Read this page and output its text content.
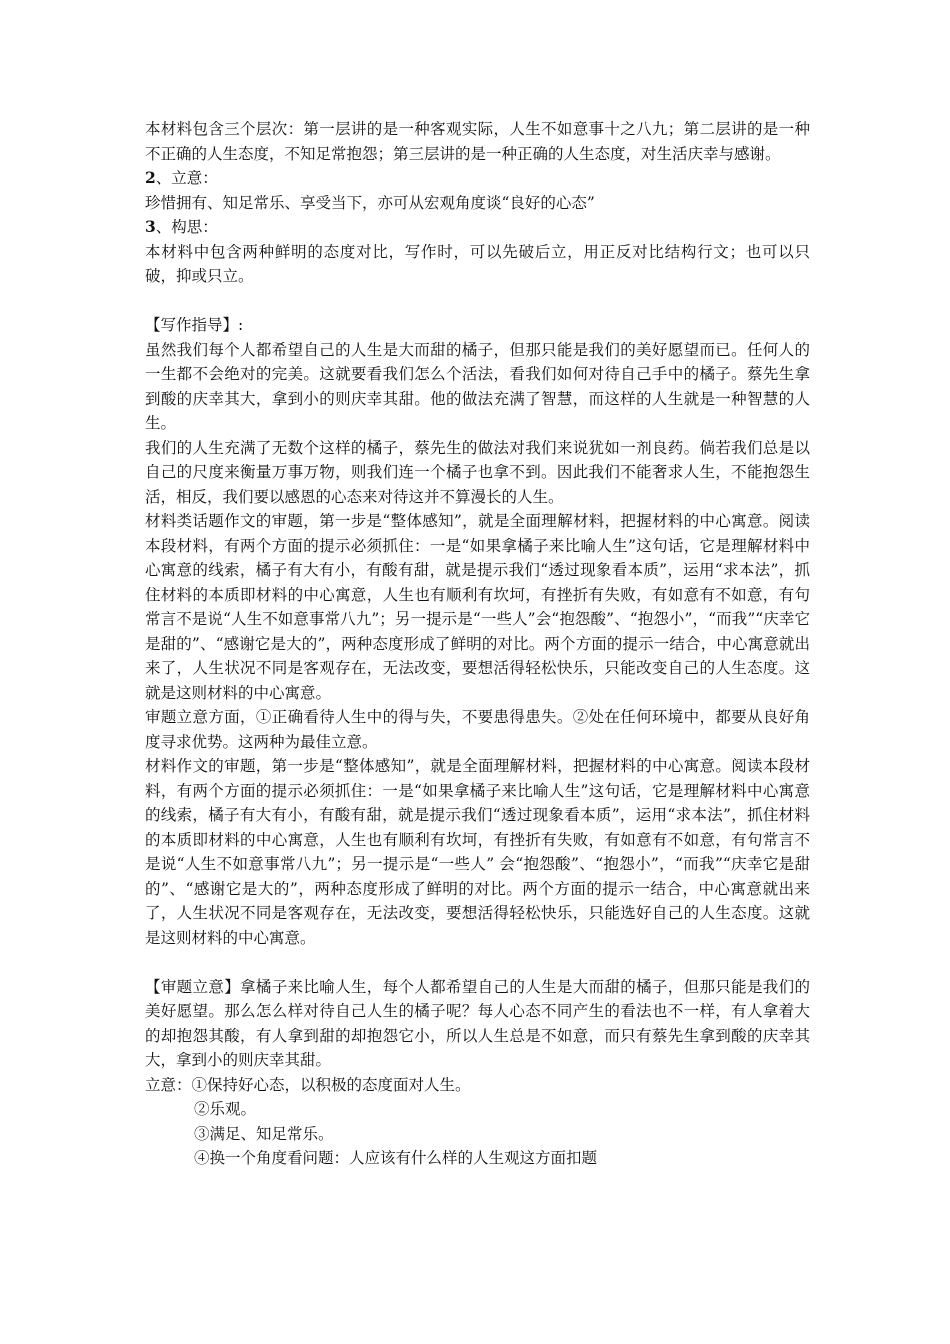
本材料包含三个层次：第一层讲的是一种客观实际，人生不如意事十之八九；第二层讲的是一种不正确的人生态度，不知足常抱怨；第三层讲的是一种正确的人生态度，对生活庆幸与感谢。

2、立意：

珍惜拥有、知足常乐、享受当下，亦可从宏观角度谈“良好的心态”

3、构思：

本材料中包含两种鲜明的态度对比，写作时，可以先破后立，用正反对比结构行文；也可以只破，抑或只立。

【写作指导】:

虽然我们每个人都希望自己的人生是大而甜的橘子，但那只能是我们的美好愿望而已。任何人的一生都不会绝对的完美。这就要看我们怎么个活法，看我们如何对待自己手中的橘子。蔡先生拿到酸的庆幸其大，拿到小的则庆幸其甜。他的做法充满了智慧，而这样的人生就是一种智慧的人生。

我们的人生充满了无数个这样的橘子，蔡先生的做法对我们来说犹如一剂良药。倘若我们总是以自己的尺度来衡量万事万物，则我们连一个橘子也拿不到。因此我们不能奢求人生，不能抱怨生活，相反，我们要以感恩的心态来对待这并不算漫长的人生。

材料类话题作文的审题，第一步是“整体感知”，就是全面理解材料，把握材料的中心寓意。阅读本段材料，有两个方面的提示必须抓住：一是“如果拿橘子来比喻人生”这句话，它是理解材料中心寓意的线索，橘子有大有小，有酸有甜，就是提示我们“透过现象看本质”，运用“求本法”，抓住材料的本质即材料的中心寓意，人生也有顺利有坎坷，有挫折有失败，有如意有不如意，有句常言不是说“人生不如意事常八九”；另一提示是“一些人”会“抱怨酸”、“抱怨小”，“而我”“庆幸它是甜的”、“感谢它是大的”，两种态度形成了鲜明的对比。两个方面的提示一结合，中心寓意就出来了，人生状况不同是客观存在，无法改变，要想活得轻松快乐，只能改变自己的人生态度。这就是这则材料的中心寓意。

审题立意方面，①正确看待人生中的得与失，不要患得患失。②处在任何环境中，都要从良好角度寻求优势。这两种为最佳立意。

材料作文的审题，第一步是“整体感知”，就是全面理解材料，把握材料的中心寓意。阅读本段材料，有两个方面的提示必须抓住：一是“如果拿橘子来比喻人生”这句话，它是理解材料中心寓意的线索，橘子有大有小，有酸有甜，就是提示我们“透过现象看本质”，运用“求本法”，抓住材料的本质即材料的中心寓意，人生也有顺利有坎坷，有挫折有失败，有如意有不如意，有句常言不是说“人生不如意事常八九”；另一提示是“一些人” 会“抱怨酸”、“抱怨小”，“而我”“庆幸它是甜的”、“感谢它是大的”，两种态度形成了鲜明的对比。两个方面的提示一结合，中心寓意就出来了，人生状况不同是客观存在，无法改变，要想活得轻松快乐，只能选好自己的人生态度。这就是这则材料的中心寓意。

【审题立意】拿橘子来比喻人生，每个人都希望自己的人生是大而甜的橘子，但那只能是我们的美好愿望。那么怎么样对待自己人生的橘子呢？每人心态不同产生的看法也不一样，有人拿着大的却抱怨其酸，有人拿到甜的却抱怨它小，所以人生总是不如意，而只有蔡先生拿到酸的庆幸其大，拿到小的则庆幸其甜。

立意：①保持好心态，以积极的态度面对人生。

②乐观。

③满足、知足常乐。

④换一个角度看问题：人应该有什么样的人生观这方面扣题
